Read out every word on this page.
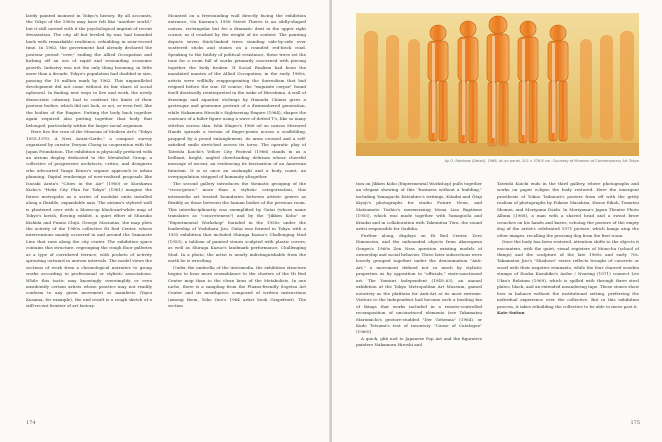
lately painted moment in Tokyo's history. By all accounts, the Tokyo of the 1960s may have felt like "another world," but it still carried with it the psychological imprint of recent devastation. The city, all but leveled by war, had bounded back with remarkable resilience, rebuilding in near-record time. In 1962, the government had already declared the postwar period "over," ending the Allied Occupation and kicking off an era of rapid and resounding economic growth. Industry was not the only thing booming; in little more than a decade, Tokyo's population had doubled in size, passing the 10 million mark by 1962. This unparalleled development did not come without its fair share of social upheaval. In finding new ways to live and work, the newly democratic citizenry had to confront the limits of their postwar bodies, which did not look, or act, or even feel, like the bodies of the Empire. Putting the body back together again required also putting together that body that belonged, particularly within the larger social organism.

Here lies the crux of the Museum of Modern Art's "Tokyo 1955–1970: A New Avant-Garde," a compact survey organized by curator Doryun Chong in cooperation with the Japan Foundation. The exhibition is physically prefaced with an atrium display dedicated to the Metabolist Group, a collective of progressive architects, critics, and designers who advocated Tange Kenzo's organic approach to urban planning. Digital renderings of now-realized proposals like Isozaki Arata's "Cities in the Air" (1960) or Kurokawa Kisho's "Helix City Plan for Tokyo" (1961) imagine the future metropolis as a series of modular units installed along a flexible, expandable axis. The atrium's stylized wall is plastered over with a blown-up black-and-white map of Tokyo's lavish, flowing exhibit, a quiet effort of Shuzuko Kishida and Fumio Chijii. George Maciunas, the map plots the activity of the 1960s collective Hi Red Center, whose interventions mainly occurred in and around the Yamanote Line that runs along the city center. The exhibition space contains this structure, regrouping the rough floor galleries as a type of corridored terrace, with pockets of activity sprouting outward in uneven intervals. The model views the sections of work from a chronological narrative to group works according to professional or stylistic associations. While this tactic may knowingly oversimplify or even misidentify certain artists whose practice may not readily conform to any given movement or manifesto (Yayoi Kusama, for example), the end result is a rough sketch of a still-recent frontier of art history.

Mounted on a freestanding wall directly facing the exhibition entrance, On Kawara's 1956 Street Theres is an oddly-shaped canvas, rectangular but for a dramatic dent in the upper right corner, as if crushed by the weight of its content. The painting depicts seven thick-limbed trees standing side-by-side over scattered sticks and stones on a rounded red-brick road. Speaking to the futility of political resistance, these trees set the tone for a room full of works primarily concerned with piecing together the body broken. If Social Realism had been the mandated mantra of the Allied Occupation, in the early 1960s, artists were willfully reappropriating the Surrealism that had reigned before the war. Of course, the "exquisite corpse" found itself drastically reinterpreted in the wake of Hiroshima. A wall of drawings and aquatint etchings by Hamada Chimei gives a grotesque and gruesome portrait of a dismembered generation, while Nakamura Hiroshi's Sightseeing Empire (1964), shapes the contours of a fuller figure using a wave of dotted T's, like so many stitches across skin. Ishii Shigeo's 1966 oil on canvas Mirrored Hands spreads a terrain of finger-prints across a scaffolding, propped by a proud entanglement, its arms crossed and a self-satisfied smile stretched across its torso. The operatic play of Tateishi Koichi's Yellow City Festival (1966) stands in as a brilliant, bright, angled cheerleading delirium whose cheerful message of ascent, an evidencing its fascination of an American futurism. It is at once an onslaught and a body count, an overpopulation stripped of humanity altogether.

The second gallery introduces the thematic grouping of the "cross-genre," more than a stylistic categorization, this intermedia art treated boundaries between artistic genres as flexibly as those between the human bodies of the previous room. This interdisciplinarity was exemplified by Gutai (whose name translates as "concreteness") and by the "Jikken Kobo" or "Experimental Workshop" founded in the 1950s under the leadership of Yoshihara Jiro. Gutai was formed in Tokyo with a 1955 exhibition that included Shiraga Kazuo's Challenging Mud (1955), a tableau of painted stones sculpted with plastic covers, as well as Shiraga Kazuo's landmark performance, Challenging Mud. In a photo, the artist is nearly indistinguishable from the earth he is wrestling.

Under the umbrella of the intermedia, the exhibition structure begins to hear more resemblance to the clusters of the Hi Red Center map than to the clean lines of the Metabolists. In one niche, there is a sampling from the Fluxus-friendly Sogetsu Art Center and its mouthpiece composed of written instructions (among them, Yoko Ono's 1964 artist book Grapefruit). The section

174
Ay-O, Rainbow (Detail), 1966, oil on panel, 201 x 376.8 cm. Courtesy of Museum of Contemporary Art Tokyo

tion on Jikken Kobo (Experimental Workshop) pulls together an elegant showing of this "business without a building," including Yamaguchi Katsuhiro's writings, Kitadai and Ōtaji Kiyoji's photographs for studio Future Neon, and Matsumoto Toshio's mesmerizing Mona Lisa Baptisms (1955), which was made together with Yamaguchi and Kitadai and in collaboration with Takemitsu Tōru, the sound artist responsible for Gadidia.

Further along, displays on Hi Red Center, Zero Dimension, and the unbounded objects from Akasegawa Genpei's 1960s Zen Ness question existing models of ownership and social behavior. Three later subsections were loosely grouped together under the denomination "Anti-Art," a movement defined not so much by stylistic properties as by opposition to "officials," state-sanctioned art. The Yomiuri Independent (1949–63), an annual exhibition at the Tokyo Metropolitan Art Museum, gained notoriety as the platform for Anti-Art at its most extreme. Visitors to the Independent had become such a bustling fan of things that works included in a remote-controlled recomposition of unconvinced elements (see Takamatsu Marumichi's gesture-studded "Der Gehenna" (1964), or Kudo Tetsumi's test of inventory "Cause of Catalogue" (1960)).

A quick, glib nod to Japanese Pop Art and the figurative painters Nakamura Hiroshi and

Tateishi Koichi ends in the third gallery, where photographs and works on paper eclipse the body restored. Here the emergent prosthesis of Yokoo Tadanori's posters from off with the gritty realism of photographs by Fukase Masahisa, Hosoe Eikoh, Tomatsu Shomei, and Moriyama Daido. In Moriyama's Japan Theater Photo Album (1968), a man with a shaved head and a sweat brow crouches on his hands and knees, echoing the posture of the empty dog of the artist's celebrated 1971 picture, which hangs atop the other images, recalling the pressing dog from the first room.

Once the body has been restored, attention shifts to the objects it encounters, with the quiet, visual registers of Mono-ha (school of things) and the sculpture of the late 1960s and early 70s. Takamatsu Jiro's "Shadows" series reflects troughs of concrete or wood with their negative remnants, while the four charred wooden stumps of Enoku Kazuhiko's Ardor / Nearing (1971) connect Lee Ufan's Relatum (1969), which is spilled with through three steel plates, black, and an extended meandering tape. These stones show how in balance without the institutional setting, preferring the individual experience over the collective. But in this exhibition process, it takes rebuilding the collective to be able to move past it.

Kate Sutton

175
